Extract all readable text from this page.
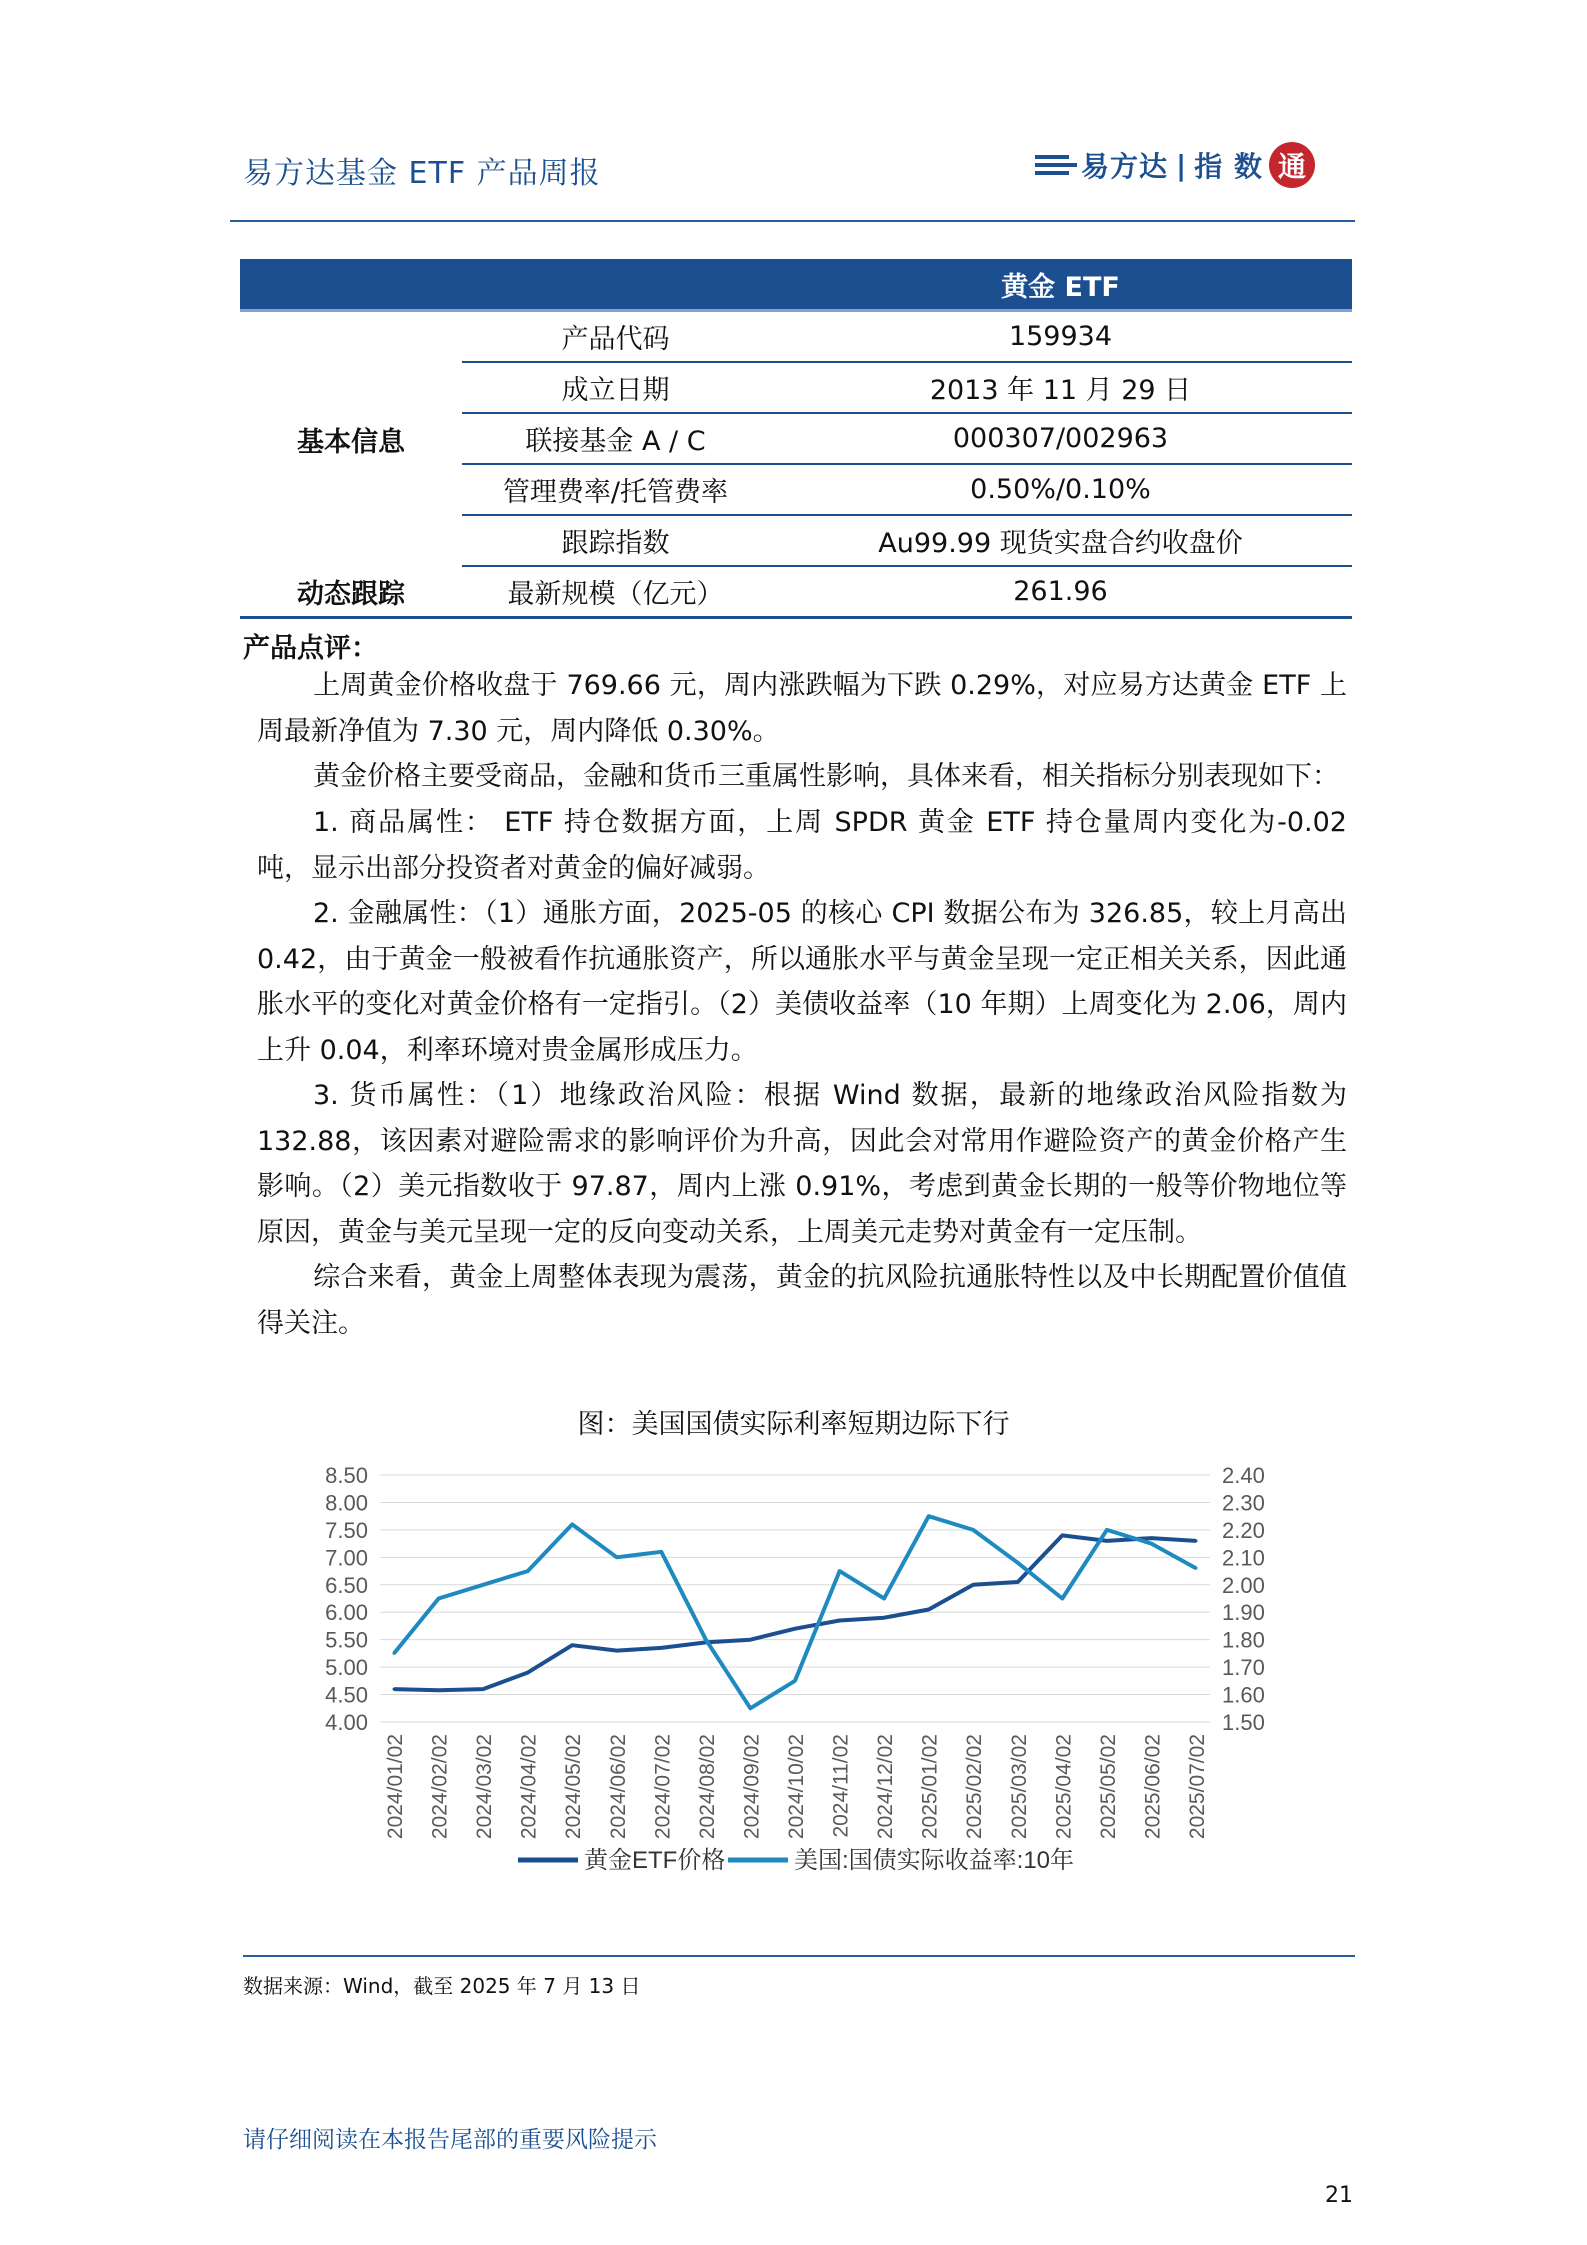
易方达基金 ETF 产品周报	易方达 | 指 数 通
		黄金 ETF
基本信息	产品代码	159934
	成立日期	2013 年 11 月 29 日
	联接基金 A / C	000307/002963
	管理费率/托管费率	0.50%/0.10%
	跟踪指数	Au99.99 现货实盘合约收盘价
动态跟踪	最新规模（亿元）	261.96
产品点评：
上周黄金价格收盘于 769.66 元，周内涨跌幅为下跌 0.29%，对应易方达黄金 ETF 上周最新净值为 7.30 元，周内降低 0.30%。
黄金价格主要受商品，金融和货币三重属性影响，具体来看，相关指标分别表现如下：
1. 商品属性： ETF 持仓数据方面，上周 SPDR 黄金 ETF 持仓量周内变化为-0.02 吨，显示出部分投资者对黄金的偏好减弱。
2. 金融属性：（1）通胀方面，2025-05 的核心 CPI 数据公布为 326.85，较上月高出 0.42，由于黄金一般被看作抗通胀资产，所以通胀水平与黄金呈现一定正相关关系，因此通胀水平的变化对黄金价格有一定指引。（2）美债收益率（10 年期）上周变化为 2.06，周内上升 0.04，利率环境对贵金属形成压力。
3. 货币属性：（1）地缘政治风险：根据 Wind 数据，最新的地缘政治风险指数为 132.88，该因素对避险需求的影响评价为升高，因此会对常用作避险资产的黄金价格产生影响。（2）美元指数收于 97.87，周内上涨 0.91%，考虑到黄金长期的一般等价物地位等原因，黄金与美元呈现一定的反向变动关系，上周美元走势对黄金有一定压制。
综合来看，黄金上周整体表现为震荡，黄金的抗风险抗通胀特性以及中长期配置价值值得关注。
图：美国国债实际利率短期边际下行
8.50
8.00
7.50
7.00
6.50
6.00
5.50
5.00
4.50
4.00
2.40
2.30
2.20
2.10
2.00
1.90
1.80
1.70
1.60
1.50
2024/01/02 2024/02/02 2024/03/02 2024/04/02 2024/05/02 2024/06/02 2024/07/02 2024/08/02 2024/09/02 2024/10/02 2024/11/02 2024/12/02 2025/01/02 2025/02/02 2025/03/02 2025/04/02 2025/05/02 2025/06/02 2025/07/02
黄金ETF价格	美国:国债实际收益率:10年
数据来源：Wind，截至 2025 年 7 月 13 日
请仔细阅读在本报告尾部的重要风险提示
21
